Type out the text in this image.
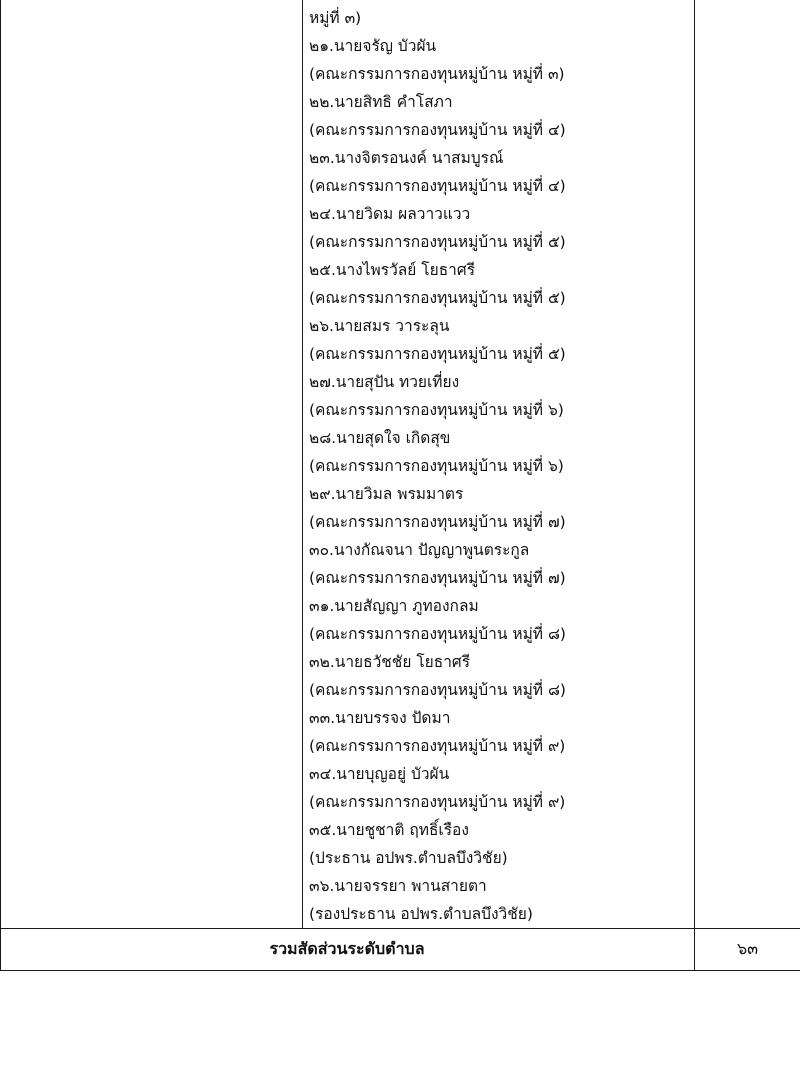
หมู่ที่ ๓)
๒๑.นายจรัญ บัวผัน
(คณะกรรมการกองทุนหมู่บ้าน หมู่ที่ ๓)
๒๒.นายสิทธิ คำโสภา
(คณะกรรมการกองทุนหมู่บ้าน หมู่ที่ ๔)
๒๓.นางจิตรอนงค์ นาสมบูรณ์
(คณะกรรมการกองทุนหมู่บ้าน หมู่ที่ ๔)
๒๔.นายวิดม ผลวาวแวว
(คณะกรรมการกองทุนหมู่บ้าน หมู่ที่ ๕)
๒๕.นางไพรวัลย์ โยธาศรี
(คณะกรรมการกองทุนหมู่บ้าน หมู่ที่ ๕)
๒๖.นายสมร วาระลุน
(คณะกรรมการกองทุนหมู่บ้าน หมู่ที่ ๕)
๒๗.นายสุปัน ทวยเที่ยง
(คณะกรรมการกองทุนหมู่บ้าน หมู่ที่ ๖)
๒๘.นายสุดใจ เกิดสุข
(คณะกรรมการกองทุนหมู่บ้าน หมู่ที่ ๖)
๒๙.นายวิมล พรมมาตร
(คณะกรรมการกองทุนหมู่บ้าน หมู่ที่ ๗)
๓๐.นางกัณจนา ปัญญาพูนตระกูล
(คณะกรรมการกองทุนหมู่บ้าน หมู่ที่ ๗)
๓๑.นายสัญญา ภูทองกลม
(คณะกรรมการกองทุนหมู่บ้าน หมู่ที่ ๘)
๓๒.นายธวัชชัย โยธาศรี
(คณะกรรมการกองทุนหมู่บ้าน หมู่ที่ ๘)
๓๓.นายบรรจง ปัดมา
(คณะกรรมการกองทุนหมู่บ้าน หมู่ที่ ๙)
๓๔.นายบุญอยู่ บัวผัน
(คณะกรรมการกองทุนหมู่บ้าน หมู่ที่ ๙)
๓๕.นายชูชาติ ฤทธิ์เรือง
(ประธาน อปพร.ตำบลบึงวิชัย)
๓๖.นายจรรยา พานสายตา
(รองประธาน อปพร.ตำบลบึงวิชัย)
รวมสัดส่วนระดับตำบล	๖๓
